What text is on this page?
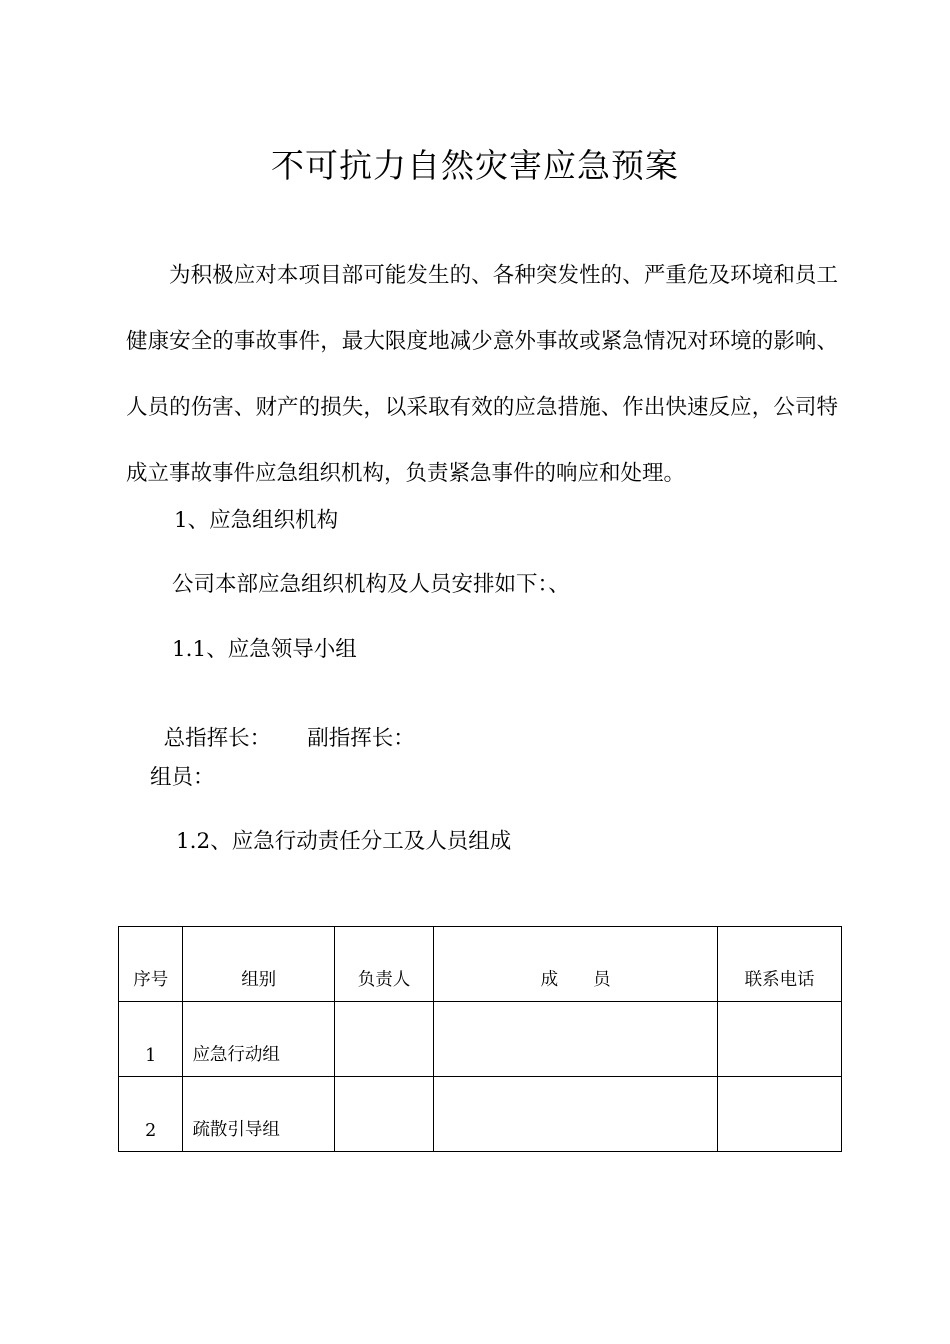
不可抗力自然灾害应急预案
为积极应对本项目部可能发生的、各种突发性的、严重危及环境和员工健康安全的事故事件，最大限度地减少意外事故或紧急情况对环境的影响、人员的伤害、财产的损失，以采取有效的应急措施、作出快速反应，公司特成立事故事件应急组织机构，负责紧急事件的响应和处理。
1、应急组织机构
公司本部应急组织机构及人员安排如下：、
1.1、应急领导小组

总指挥长： 副指挥长：

组员：
1.2、应急行动责任分工及人员组成
序号	组别	负责人	成　　员	联系电话
1	应急行动组			
2	疏散引导组			
